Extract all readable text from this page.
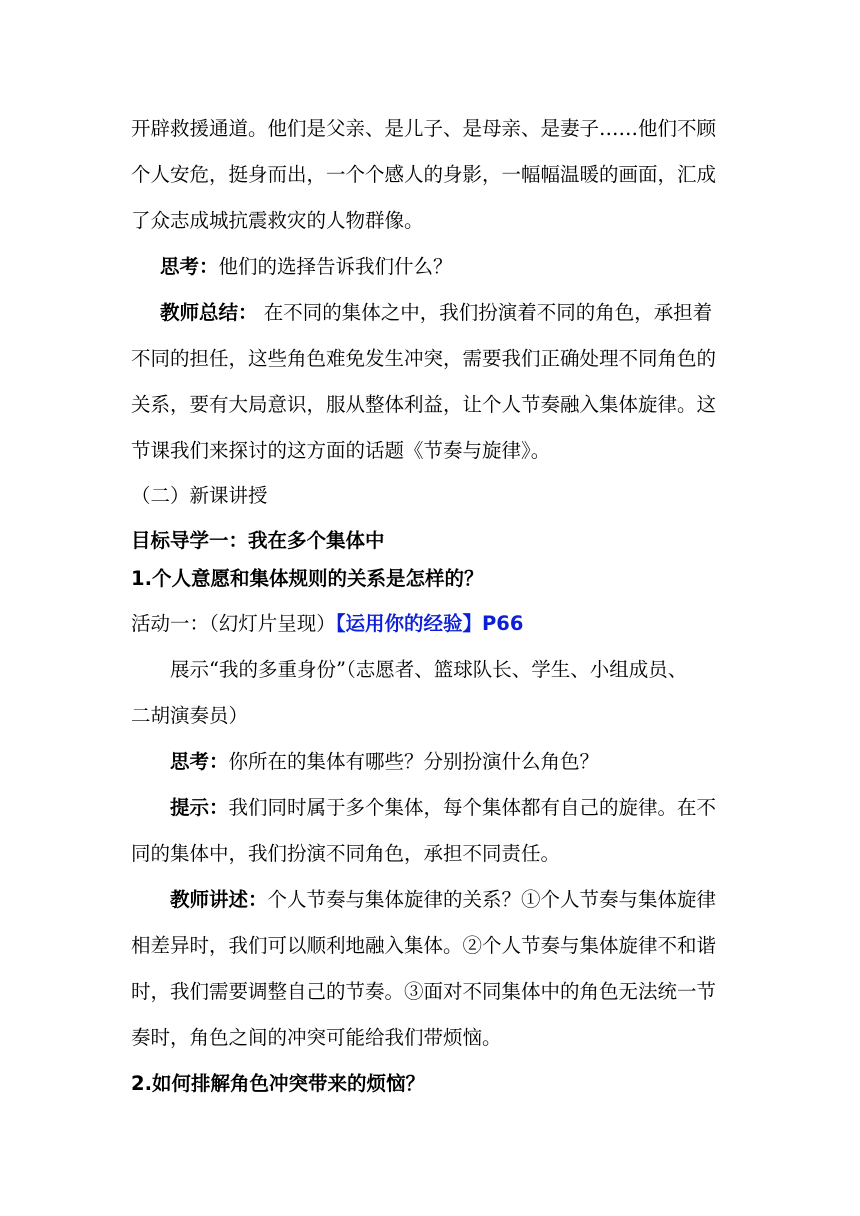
开辟救援通道。他们是父亲、是儿子、是母亲、是妻子……他们不顾
个人安危，挺身而出，一个个感人的身影，一幅幅温暖的画面，汇成
了众志成城抗震救灾的人物群像。
思考：他们的选择告诉我们什么？
教师总结： 在不同的集体之中，我们扮演着不同的角色，承担着
不同的担任，这些角色难免发生冲突，需要我们正确处理不同角色的
关系，要有大局意识，服从整体利益，让个人节奏融入集体旋律。这
节课我们来探讨的这方面的话题《节奏与旋律》。
（二）新课讲授
目标导学一：我在多个集体中
1.个人意愿和集体规则的关系是怎样的？
活动一：（幻灯片呈现）【运用你的经验】P66
展示“我的多重身份”（志愿者、篮球队长、学生、小组成员、
二胡演奏员）
思考：你所在的集体有哪些？分别扮演什么角色？
提示：我们同时属于多个集体，每个集体都有自己的旋律。在不
同的集体中，我们扮演不同角色，承担不同责任。
教师讲述：个人节奏与集体旋律的关系？①个人节奏与集体旋律
相差异时，我们可以顺利地融入集体。②个人节奏与集体旋律不和谐
时，我们需要调整自己的节奏。③面对不同集体中的角色无法统一节
奏时，角色之间的冲突可能给我们带烦恼。
2.如何排解角色冲突带来的烦恼？
